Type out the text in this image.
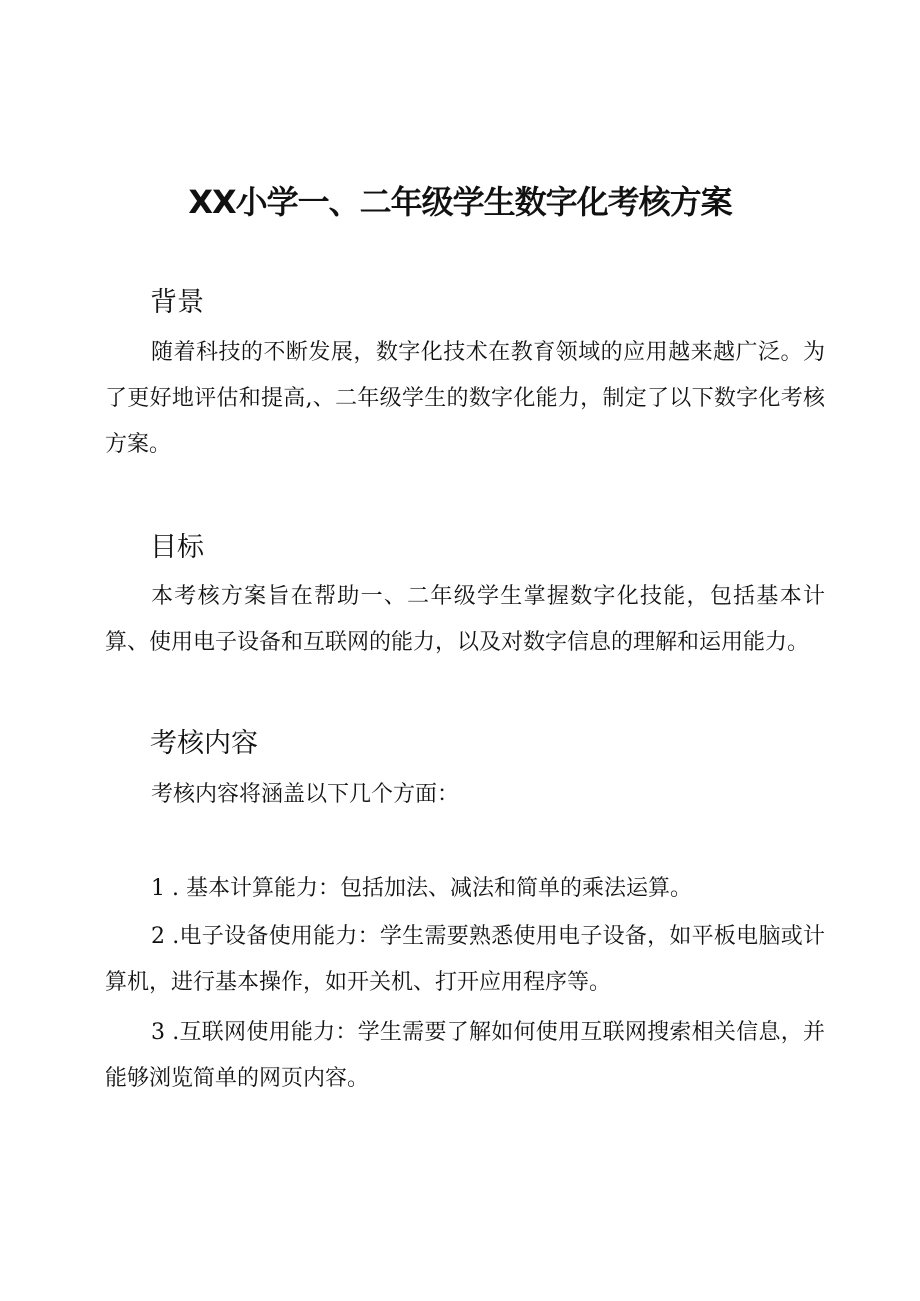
XX小学一、二年级学生数字化考核方案
背景

随着科技的不断发展，数字化技术在教育领域的应用越来越广泛。为了更好地评估和提高,、二年级学生的数字化能力，制定了以下数字化考核方案。

目标

本考核方案旨在帮助一、二年级学生掌握数字化技能，包括基本计算、使用电子设备和互联网的能力，以及对数字信息的理解和运用能力。

考核内容

考核内容将涵盖以下几个方面：

1 . 基本计算能力：包括加法、减法和简单的乘法运算。

2 .电子设备使用能力：学生需要熟悉使用电子设备，如平板电脑或计算机，进行基本操作，如开关机、打开应用程序等。

3 .互联网使用能力：学生需要了解如何使用互联网搜索相关信息，并能够浏览简单的网页内容。
